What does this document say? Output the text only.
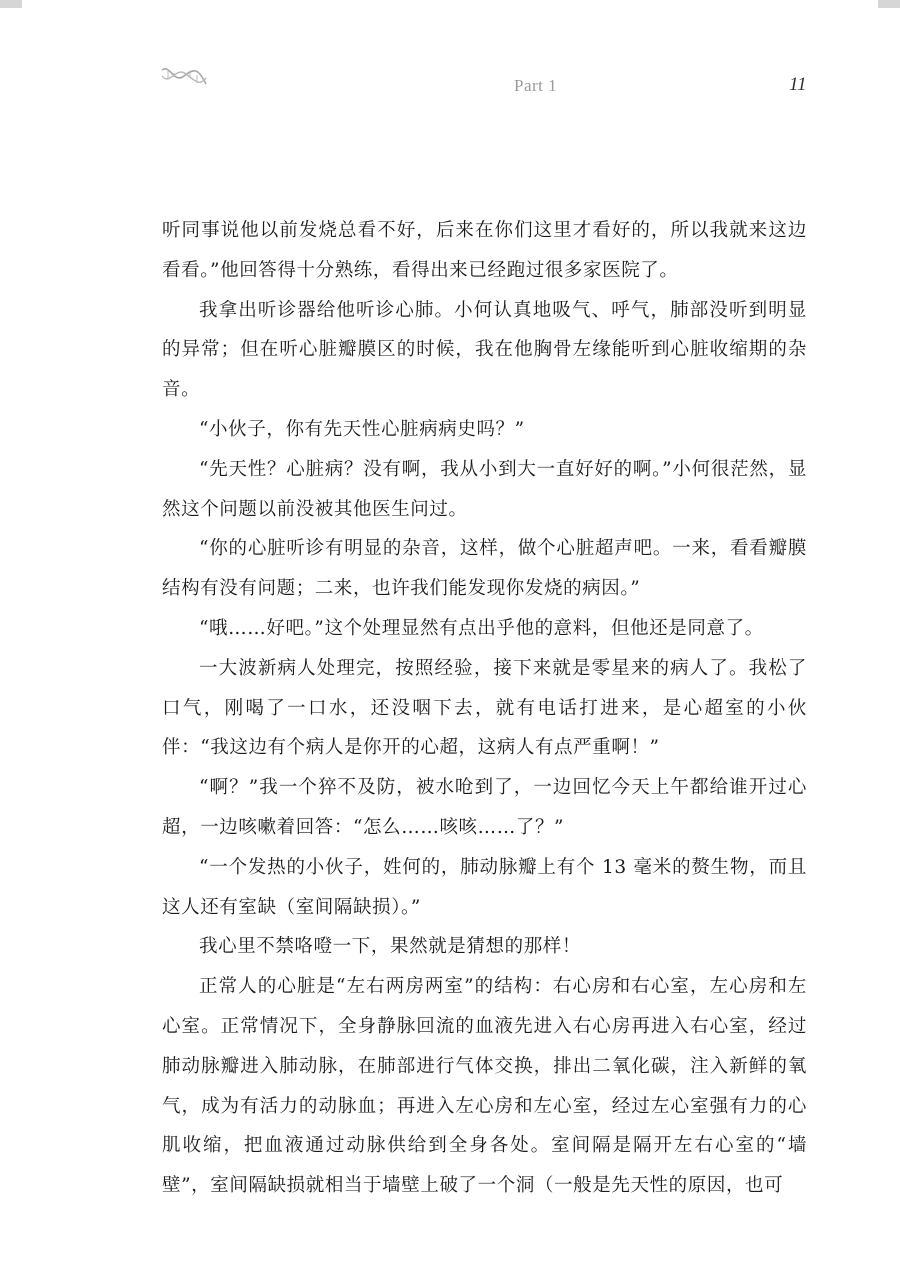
Part 1	11

听同事说他以前发烧总看不好，后来在你们这里才看好的，所以我就来这边看看。”他回答得十分熟练，看得出来已经跑过很多家医院了。

我拿出听诊器给他听诊心肺。小何认真地吸气、呼气，肺部没听到明显的异常；但在听心脏瓣膜区的时候，我在他胸骨左缘能听到心脏收缩期的杂音。

“小伙子，你有先天性心脏病病史吗？”

“先天性？心脏病？没有啊，我从小到大一直好好的啊。”小何很茫然，显然这个问题以前没被其他医生问过。

“你的心脏听诊有明显的杂音，这样，做个心脏超声吧。一来，看看瓣膜结构有没有问题；二来，也许我们能发现你发烧的病因。”

“哦……好吧。”这个处理显然有点出乎他的意料，但他还是同意了。

一大波新病人处理完，按照经验，接下来就是零星来的病人了。我松了口气，刚喝了一口水，还没咽下去，就有电话打进来，是心超室的小伙伴：“我这边有个病人是你开的心超，这病人有点严重啊！”

“啊？”我一个猝不及防，被水呛到了，一边回忆今天上午都给谁开过心超，一边咳嗽着回答：“怎么……咳咳……了？”

“一个发热的小伙子，姓何的，肺动脉瓣上有个 13 毫米的赘生物，而且这人还有室缺（室间隔缺损）。”

我心里不禁咯噔一下，果然就是猜想的那样！

正常人的心脏是“左右两房两室”的结构：右心房和右心室，左心房和左心室。正常情况下，全身静脉回流的血液先进入右心房再进入右心室，经过肺动脉瓣进入肺动脉，在肺部进行气体交换，排出二氧化碳，注入新鲜的氧气，成为有活力的动脉血；再进入左心房和左心室，经过左心室强有力的心肌收缩，把血液通过动脉供给到全身各处。室间隔是隔开左右心室的“墙壁”，室间隔缺损就相当于墙壁上破了一个洞（一般是先天性的原因，也可
